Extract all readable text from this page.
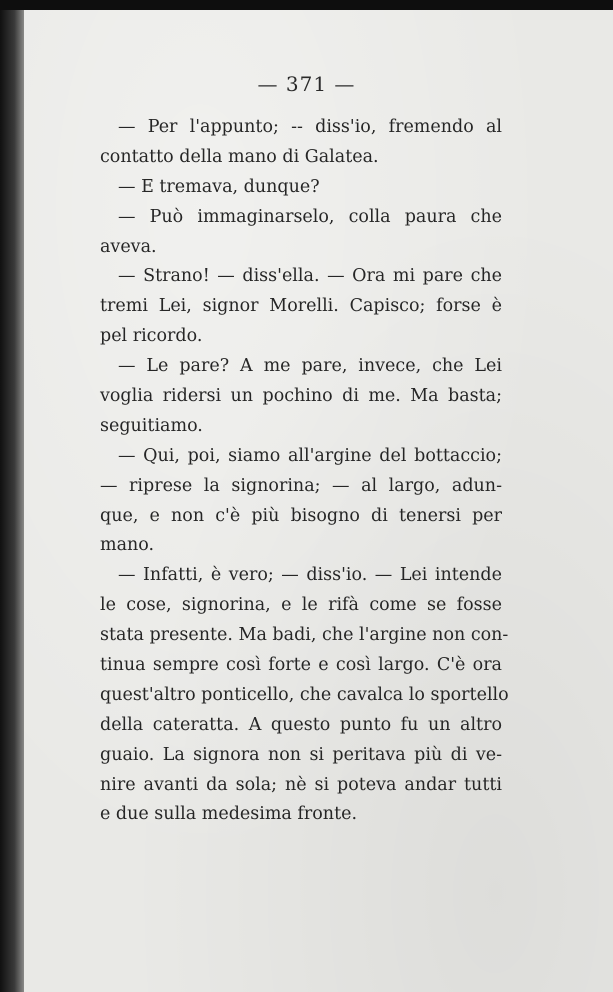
— 371 —
— Per l'appunto; -- diss'io, fremendo al
contatto della mano di Galatea.
— E tremava, dunque?
— Può immaginarselo, colla paura che
aveva.
— Strano! — diss'ella. — Ora mi pare che
tremi Lei, signor Morelli. Capisco; forse è
pel ricordo.
— Le pare? A me pare, invece, che Lei
voglia ridersi un pochino di me. Ma basta;
seguitiamo.
— Qui, poi, siamo all'argine del bottaccio;
— riprese la signorina; — al largo, adun-
que, e non c'è più bisogno di tenersi per
mano.
— Infatti, è vero; — diss'io. — Lei intende
le cose, signorina, e le rifà come se fosse
stata presente. Ma badi, che l'argine non con-
tinua sempre così forte e così largo. C'è ora
quest'altro ponticello, che cavalca lo sportello
della cateratta. A questo punto fu un altro
guaio. La signora non si peritava più di ve-
nire avanti da sola; nè si poteva andar tutti
e due sulla medesima fronte.
